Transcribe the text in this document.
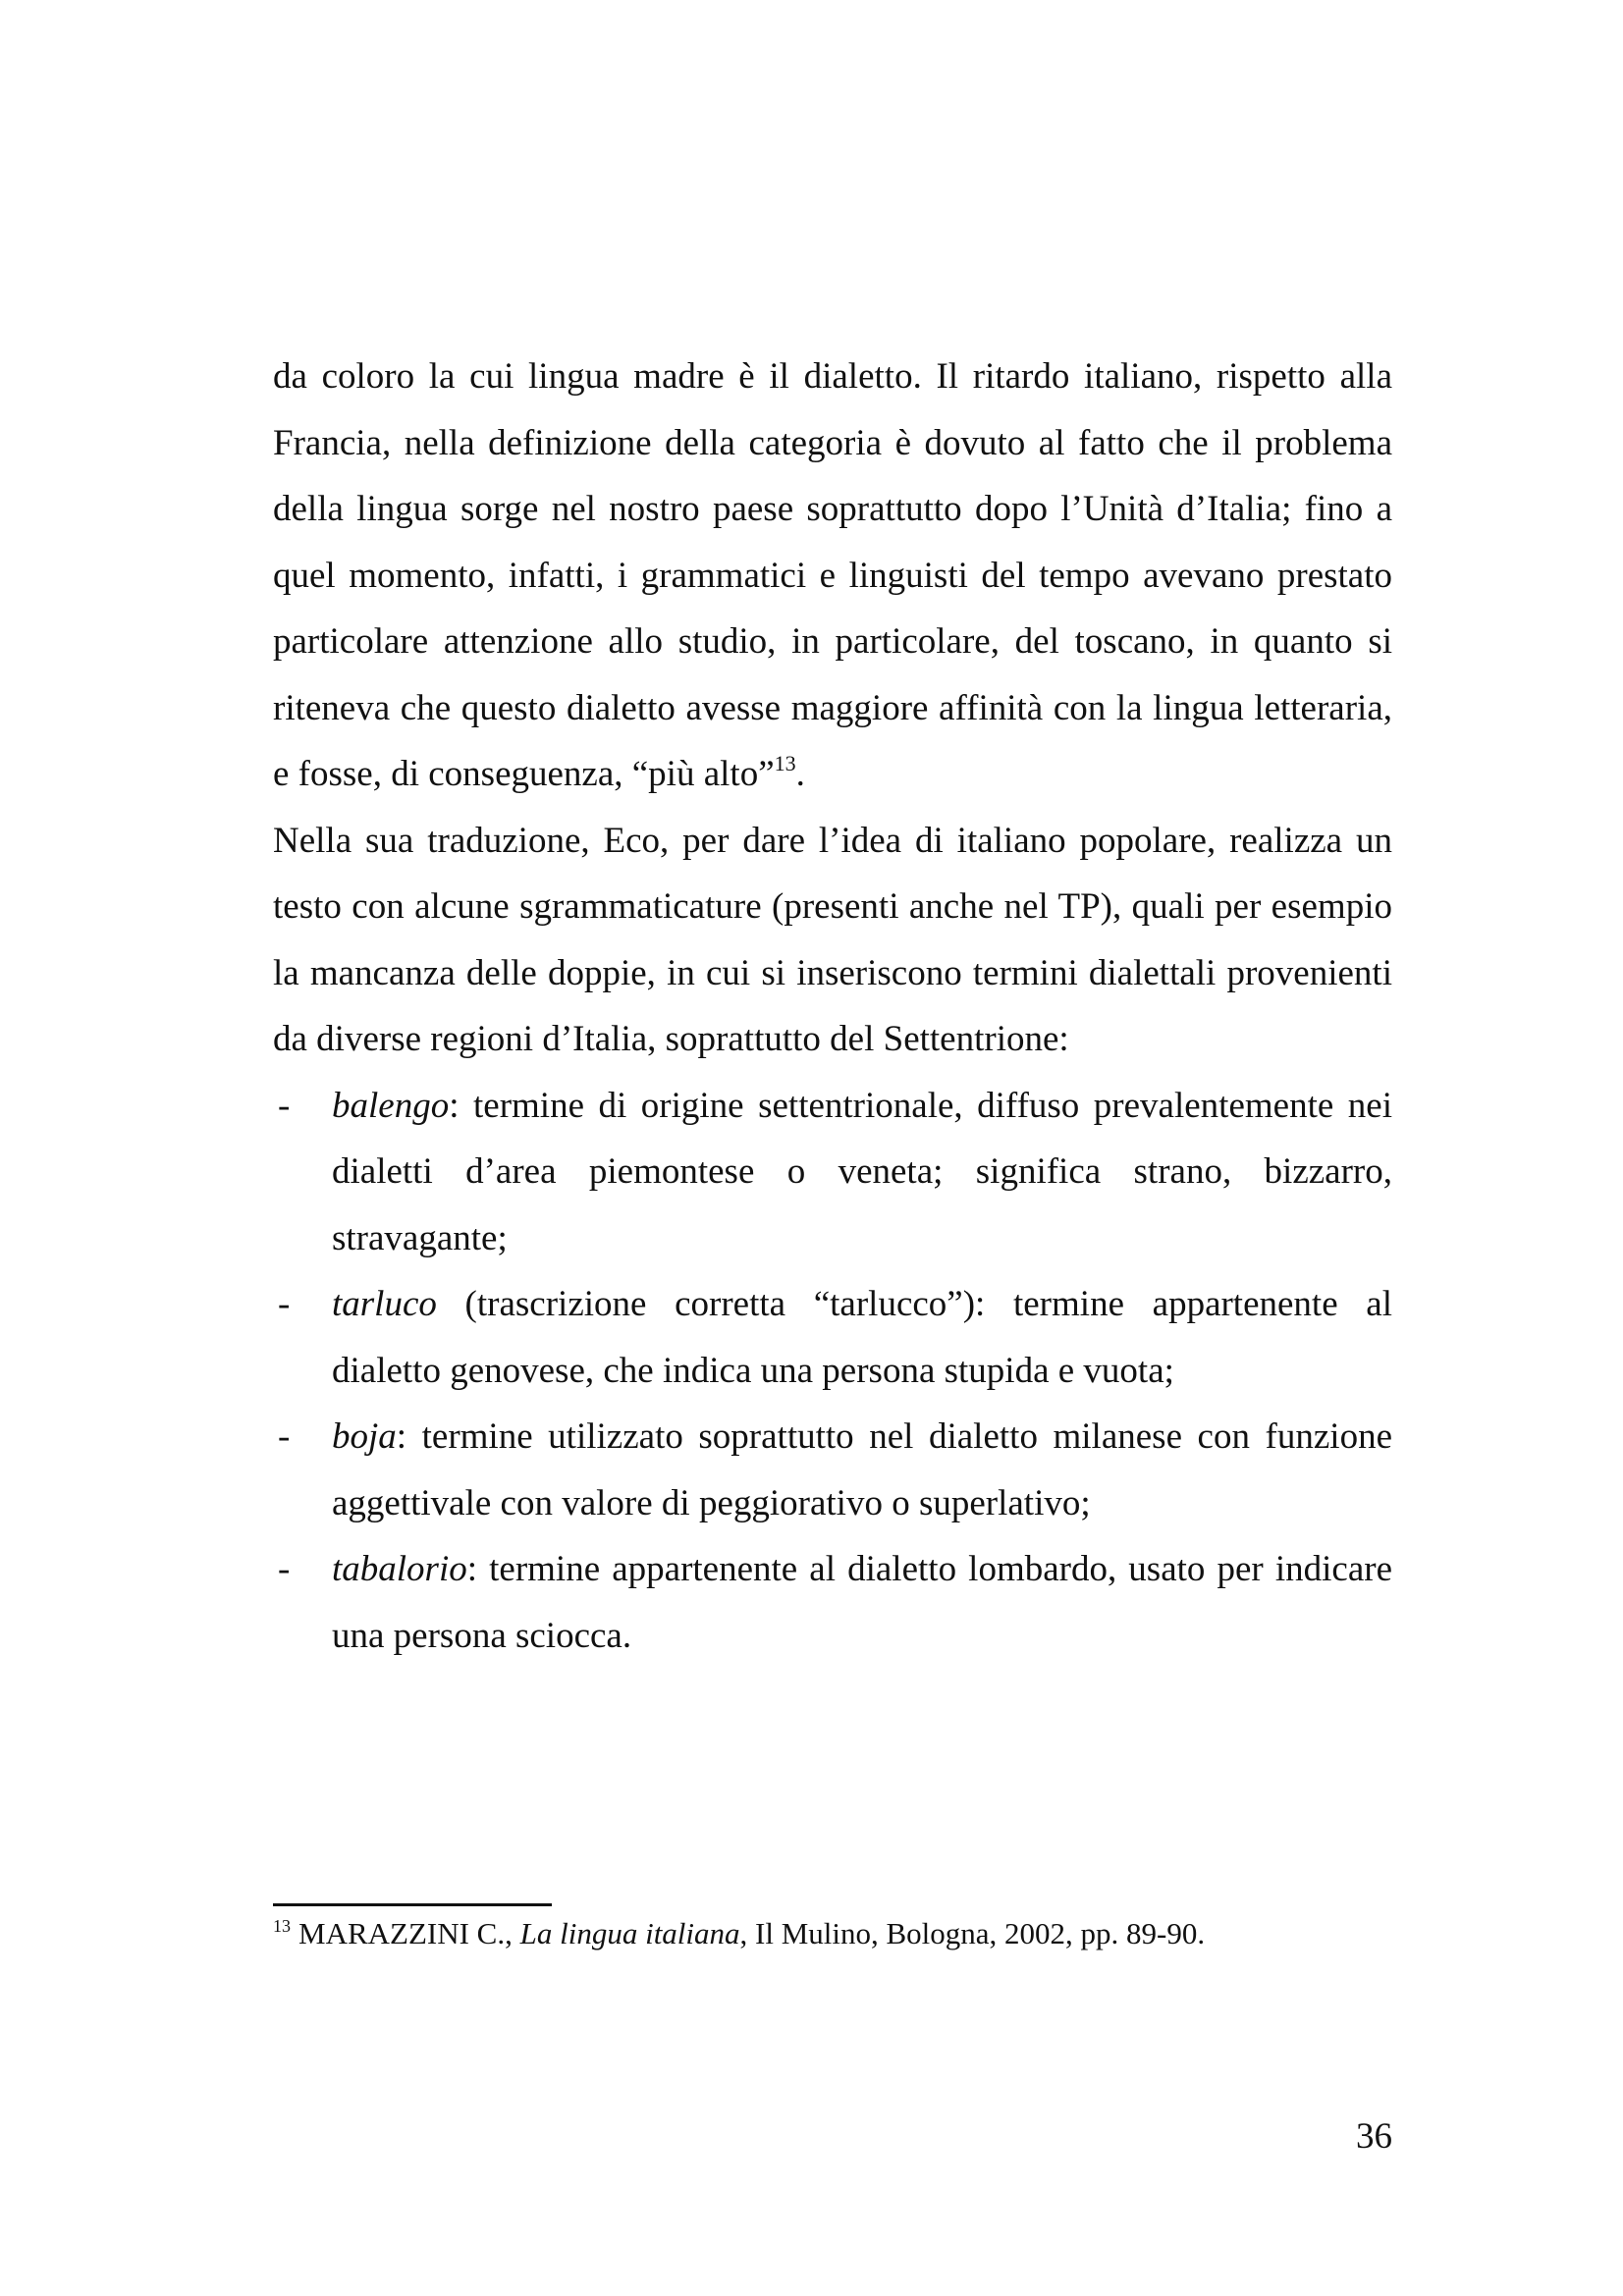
da coloro la cui lingua madre è il dialetto. Il ritardo italiano, rispetto alla Francia, nella definizione della categoria è dovuto al fatto che il problema della lingua sorge nel nostro paese soprattutto dopo l’Unità d’Italia; fino a quel momento, infatti, i grammatici e linguisti del tempo avevano prestato particolare attenzione allo studio, in particolare, del toscano, in quanto si riteneva che questo dialetto avesse maggiore affinità con la lingua letteraria, e fosse, di conseguenza, “più alto”$^{13}$.

Nella sua traduzione, Eco, per dare l’idea di italiano popolare, realizza un testo con alcune sgrammaticature (presenti anche nel TP), quali per esempio la mancanza delle doppie, in cui si inseriscono termini dialettali provenienti da diverse regioni d’Italia, soprattutto del Settentrione:

- balengo: termine di origine settentrionale, diffuso prevalentemente nei dialetti d’area piemontese o veneta; significa strano, bizzarro, stravagante;
- tarluco (trascrizione corretta “tarlucco”): termine appartenente al dialetto genovese, che indica una persona stupida e vuota;
- boja: termine utilizzato soprattutto nel dialetto milanese con funzione aggettivale con valore di peggiorativo o superlativo;
- tabalorio: termine appartenente al dialetto lombardo, usato per indicare una persona sciocca.
$^{13}$ MARAZZINI C., La lingua italiana, Il Mulino, Bologna, 2002, pp. 89-90.
36
